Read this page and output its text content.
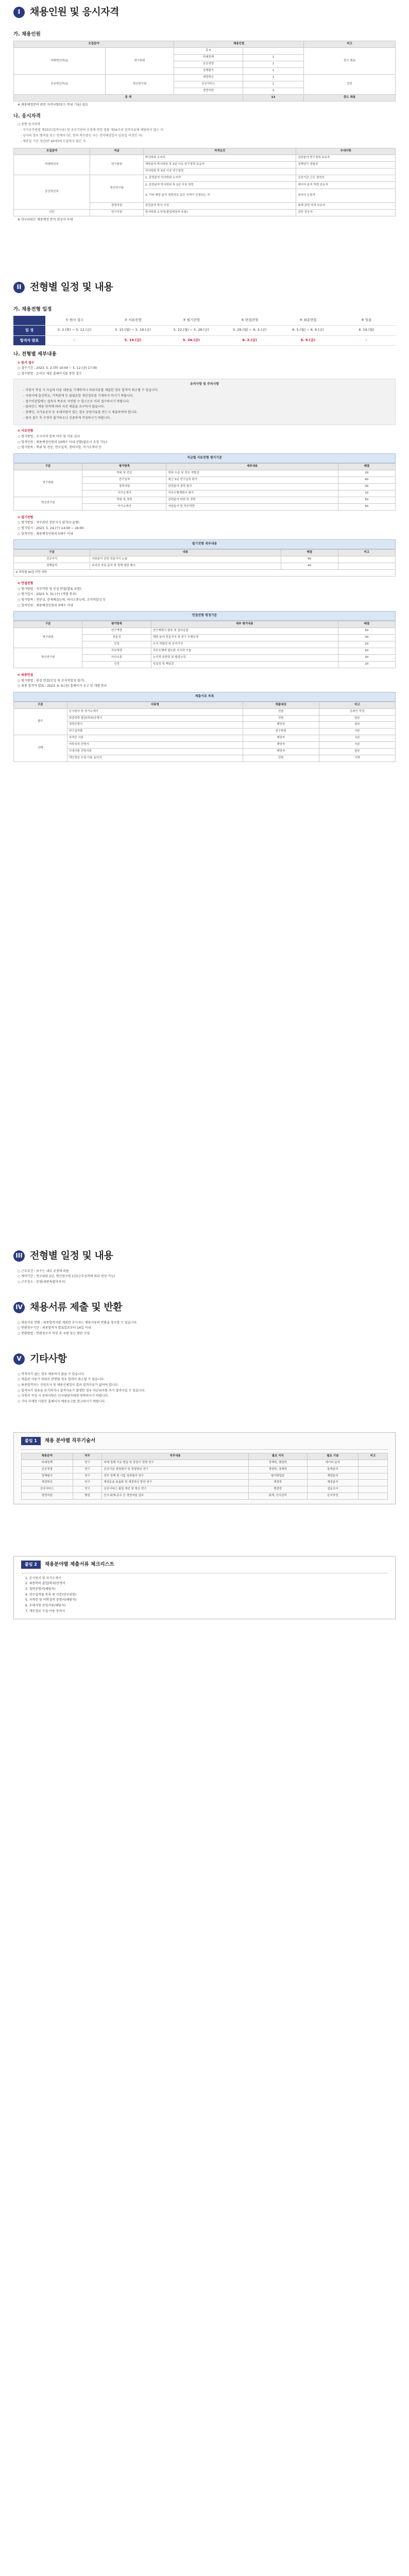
I 채용인원 및 응시자격
가. 채용인원
모집분야		채용인원		비고
미래혁신부(1)	연구위원	총 5		중도 채용
		미래정책	1	
		공공경영	1	
		정책평가	1	
공공혁신부(1)	혁신연구원	재정혁신	1	인턴
		공공서비스	1	
		경영지원	3	
총 계			13	중도 채용
※ 채용예정분야 관련 자격사항(또는 학위 기술) 필요
나. 응시자격
○ 공통 응시자격
- 국가공무원법 제33조(결격사유) 및 공공기관의 운영에 관한 법률 제34조의 결격사유에 해당하지 않는 자
- 남자의 경우 병역필 또는 면제자 (단, 현역 복무중인 자는 전역예정일이 임용일 이전인 자)
- 채용일 기준 정년(만 60세)에 도달하지 않은 자
모집분야	직급	자격요건	우대사항
미래혁신부	연구위원	박사학위 소지자	관련분야 연구경력 보유자
		해당분야 박사학위 후 3년 이상 연구경력 보유자	정책연구 경험자
		석사학위 후 5년 이상 연구경력	
공공혁신부	혁신연구원	1. 관련분야 석사학위 소지자	공공기관 근무 경력자
		2. 관련분야 학사학위 후 2년 이상 경력	데이터 분석 역량 보유자
		3. 기타 해당 분야 경력자로 동등 자격이 인정되는 자	외국어 능통자
	경영지원	관련분야 학사 이상	회계 관련 자격 보유자
인턴	연구지원	학사학위 소지자(졸업예정자 포함)	관련 전공자
※ 연구위원은 채용예정 분야 전공자 우대
II 전형별 일정 및 내용
가. 채용전형 일정

① 원서 접수	② 서류전형	③ 필기전형	④ 면접전형	⑤ 최종면접	⑥ 임용
일 정	5. 2.(화) ~ 5. 12.(금)	5. 15.(월) ~ 5. 19.(금)	5. 22.(월) ~ 5. 26.(금)	5. 29.(월) ~ 6. 2.(금)	6. 5.(월) ~ 6. 9.(금)	6. 19.(월)
합격자 발표	-	5. 19.(금)	5. 26.(금)	6. 2.(금)	6. 9.(금)	-
나. 전형별 세부내용
① 원서 접수
○ 접수기간 : 2023. 5. 2.(화) 10:00 ~ 5. 12.(금) 17:00
○ 접수방법 : 온라인 채용 홈페이지를 통한 접수
유의사항 및 주의사항
- 지원서 작성 시 사실과 다른 내용을 기재하거나 허위서류를 제출한 경우 합격이 취소될 수 있습니다.
- 지원서에 출신학교, 가족관계 등 불필요한 개인정보를 기재하지 마시기 바랍니다.
- 접수마감일에는 접속자 폭주로 지연될 수 있으므로 미리 접수하시기 바랍니다.
- 블라인드 채용 원칙에 따라 사진 제출을 요구하지 않습니다.
- 장애인, 국가유공자 등 우대사항이 있는 경우 증빙서류를 반드시 제출하여야 합니다.
- 원서 접수 후 수정이 불가하오니 신중하게 작성하시기 바랍니다.
② 서류전형
○ 평가방법 : 응시자격 충족 여부 및 서류 심사
○ 합격인원 : 채용예정인원의 10배수 이내 선발(필요시 조정 가능)
○ 평가항목 : 학위 및 전공, 연구실적, 경력사항, 자기소개서 등
직급별 서류전형 평가기준
구분	평가항목	세부내용	배점
연구위원	학위 및 전공	학위 수준 및 전공 적합성	20
	연구실적	최근 5년 연구실적 평가	40
	경력사항	관련분야 경력 평가	30
	자기소개서	직무수행계획서 평가	10
혁신연구원	학위 및 경력	관련분야 학위 및 경력	50
	자기소개서	지원동기 및 직무역량	50
③ 필기전형
○ 평가방법 : 직무관련 전문지식 평가(논술형)
○ 평가일시 : 2023. 5. 24.(수) 14:00 ~ 16:00
○ 합격인원 : 채용예정인원의 5배수 이내
필기전형 세부내용
구분	내용	배점	비고
전공지식	지원분야 관련 전문지식 논술	60	
정책분석	주어진 자료 분석 및 정책 대안 제시	40	
※ 과목별 40점 미만 과락			
④ 면접전형
○ 평가방법 : 직무역량 및 인성 면접(발표 포함)
○ 평가일시 : 2023. 5. 31.(수) (개별 통보)
○ 평가항목 : 전문성, 문제해결능력, 의사소통능력, 조직적합성 등
○ 합격인원 : 채용예정인원의 3배수 이내
면접전형 평정기준
구분	평가항목	세부 평가내용	배점
연구위원	연구역량	연구계획서 발표 및 질의응답	50
	전문성	해당 분야 전문지식 및 연구 수행능력	30
	인성	조직 적합성 및 공직가치	20
혁신연구원	직무역량	직무수행에 필요한 지식과 기술	50
	의사소통	논리적 표현력 및 협업능력	30
	인성	성실성 및 책임감	20
⑤ 최종면접
○ 평가방법 : 원장 면접(인성 및 조직적합성 평가)
○ 최종 합격자 발표 : 2023. 6. 9.(금) 홈페이지 공고 및 개별 통보
제출서류 목록
구분	서류명	제출대상	비고
필수	응시원서 및 자기소개서	전원	온라인 작성
	최종학력 졸업(학위)증명서	전원	원본
	경력증명서	해당자	원본
	연구실적물	연구위원	사본
선택	자격증 사본	해당자	사본
	어학성적 증명서	해당자	사본
	우대사항 증빙서류	해당자	원본
	개인정보 수집·이용 동의서	전원	서명
III 전형별 일정 및 내용
○ 근무조건 : 보수는 내부 규정에 따름
○ 계약기간 : 연구위원 2년, 혁신연구원 1년(근무성적에 따라 연장 가능)
○ 근무장소 : 본원(세종특별자치시)
IV 채용서류 제출 및 반환
○ 채용서류 반환 : 최종합격자를 제외한 응시자는 채용서류의 반환을 청구할 수 있습니다.
○ 반환청구기간 : 최종합격자 발표일로부터 14일 이내
○ 반환방법 : 반환청구서 작성 후 우편 또는 방문 수령
V 기타사항
○ 적격자가 없는 경우 채용하지 않을 수 있습니다.
○ 제출된 서류가 허위로 판명될 경우 합격이 취소될 수 있습니다.
○ 최종합격자는 신원조사 및 채용신체검사 결과 결격사유가 없어야 합니다.
○ 합격자가 임용을 포기하거나 결격사유가 발생한 경우 차순위자를 추가 합격시킬 수 있습니다.
○ 지원서 작성 시 문의사항은 인사담당자에게 연락하시기 바랍니다.
○ 기타 자세한 사항은 홈페이지 채용공고를 참고하시기 바랍니다.
붙임 1	채용 분야별 직무기술서
채용분야	직무	직무내용	필요 지식	필요 기술	비고
미래정책	연구	미래 정책 이슈 발굴 및 중장기 전략 연구	정책학, 행정학	데이터 분석	
공공경영	연구	공공기관 경영평가 및 경영혁신 연구	경영학, 경제학	통계분석	
정책평가	연구	정부 정책 및 사업 성과평가 연구	평가방법론	계량분석	
재정혁신	연구	재정운용 효율화 및 재정혁신 방안 연구	재정학	재정분석	
공공서비스	연구	공공서비스 품질 개선 및 혁신 연구	행정학	설문조사	
경영지원	행정	인사·회계·총무 등 경영지원 업무	회계, 인사관리	문서작성	
붙임 2	채용분야별 제출서류 체크리스트
1. 응시원서 및 자기소개서
2. 최종학력 졸업(학위)증명서
3. 경력증명서(해당자)
4. 연구실적물 목록 및 사본(연구위원)
5. 자격증 및 어학성적 증명서(해당자)
6. 우대사항 증빙서류(해당자)
7. 개인정보 수집·이용 동의서
